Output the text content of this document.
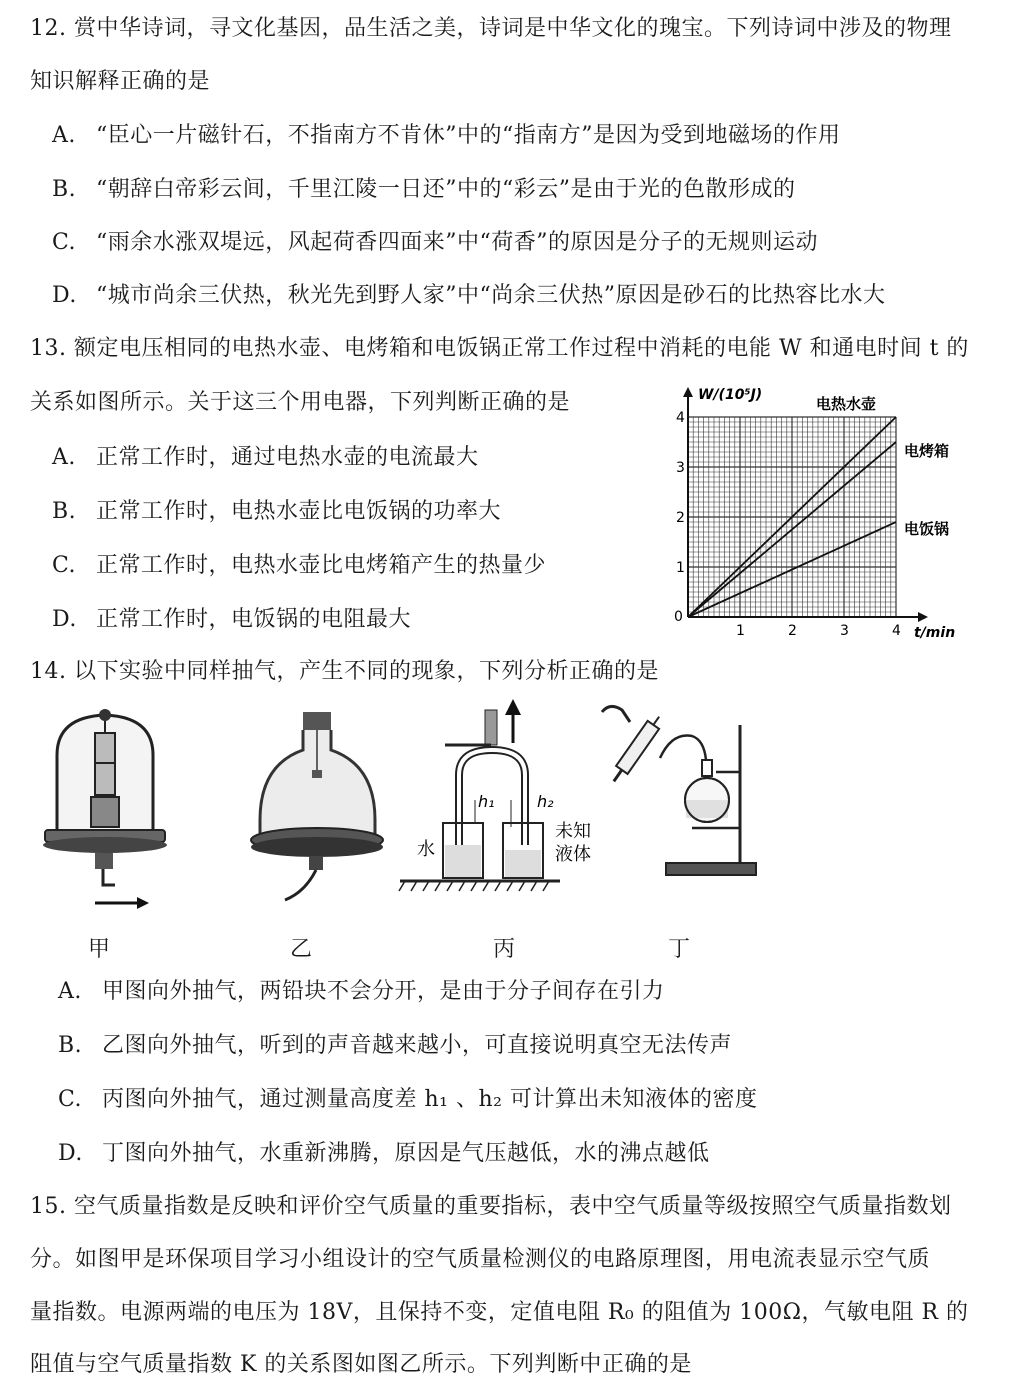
12. 赏中华诗词，寻文化基因，品生活之美，诗词是中华文化的瑰宝。下列诗词中涉及的物理
知识解释正确的是
A. “臣心一片磁针石，不指南方不肯休”中的“指南方”是因为受到地磁场的作用
B. “朝辞白帝彩云间，千里江陵一日还”中的“彩云”是由于光的色散形成的
C. “雨余水涨双堤远，风起荷香四面来”中“荷香”的原因是分子的无规则运动
D. “城市尚余三伏热，秋光先到野人家”中“尚余三伏热”原因是砂石的比热容比水大
13. 额定电压相同的电热水壶、电烤箱和电饭锅正常工作过程中消耗的电能 W 和通电时间 t 的
关系如图所示。关于这三个用电器，下列判断正确的是
A. 正常工作时，通过电热水壶的电流最大
B. 正常工作时，电热水壶比电饭锅的功率大
C. 正常工作时，电热水壶比电烤箱产生的热量少
D. 正常工作时，电饭锅的电阻最大	1	2	3	4
1
2
3
4
0
t/min
W/(10⁵J)	电热水壶
电烤箱
电饭锅
14. 以下实验中同样抽气，产生不同的现象，下列分析正确的是
甲	乙
h₁	h₂
水
未知
液体
丙	丁
A. 甲图向外抽气，两铅块不会分开，是由于分子间存在引力
B. 乙图向外抽气，听到的声音越来越小，可直接说明真空无法传声
C. 丙图向外抽气，通过测量高度差 h₁ 、h₂ 可计算出未知液体的密度
D. 丁图向外抽气，水重新沸腾，原因是气压越低，水的沸点越低
15. 空气质量指数是反映和评价空气质量的重要指标，表中空气质量等级按照空气质量指数划
分。如图甲是环保项目学习小组设计的空气质量检测仪的电路原理图，用电流表显示空气质
量指数。电源两端的电压为 18V，且保持不变，定值电阻 R₀ 的阻值为 100Ω，气敏电阻 R 的
阻值与空气质量指数 K 的关系图如图乙所示。下列判断中正确的是
